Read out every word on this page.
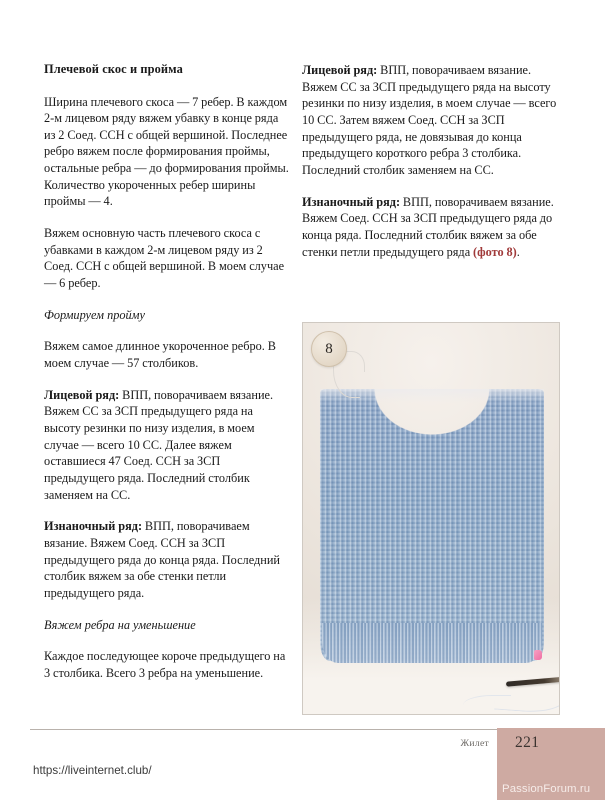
Плечевой скос и пройма

Ширина плечевого скоса — 7 ребер. В каждом 2-м лицевом ряду вяжем убавку в конце ряда из 2 Соед. ССН с общей вершиной. Последнее ребро вяжем после формирования проймы, остальные ребра — до формирования проймы. Количество укороченных ребер ширины проймы — 4.

Вяжем основную часть плечевого скоса с убавками в каждом 2-м лицевом ряду из 2 Соед. ССН с общей вершиной. В моем случае — 6 ребер.

Формируем пройму

Вяжем самое длинное укороченное ребро. В моем случае — 57 столбиков.

Лицевой ряд: ВПП, поворачиваем вязание. Вяжем СС за ЗСП предыдущего ряда на высоту резинки по низу изделия, в моем случае — всего 10 СС. Далее вяжем оставшиеся 47 Соед. ССН за ЗСП предыдущего ряда. Последний столбик заменяем на СС.

Изнаночный ряд: ВПП, поворачиваем вязание. Вяжем Соед. ССН за ЗСП предыдущего ряда до конца ряда. Последний столбик вяжем за обе стенки петли предыдущего ряда.

Вяжем ребра на уменьшение

Каждое последующее короче предыдущего на 3 столбика. Всего 3 ребра на уменьшение.

Лицевой ряд: ВПП, поворачиваем вязание. Вяжем СС за ЗСП предыдущего ряда на высоту резинки по низу изделия, в моем случае — всего 10 СС. Затем вяжем Соед. ССН за ЗСП предыдущего ряда, не довязывая до конца предыдущего короткого ребра 3 столбика. Последний столбик заменяем на СС.

Изнаночный ряд: ВПП, поворачиваем вязание. Вяжем Соед. ССН за ЗСП предыдущего ряда до конца ряда. Последний столбик вяжем за обе стенки петли предыдущего ряда (фото 8).

8
Жилет 221
PassionForum.ru
https://liveinternet.club/
